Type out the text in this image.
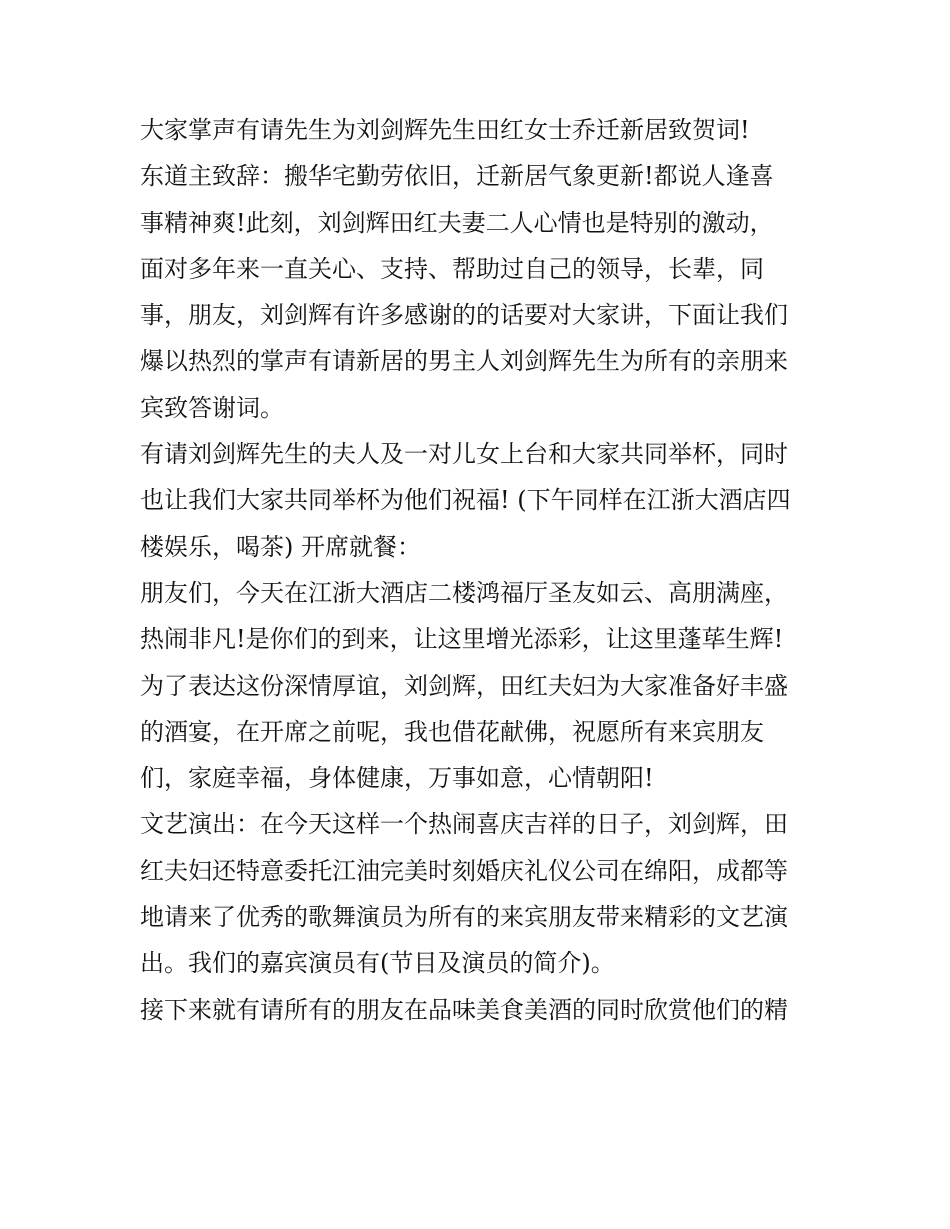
大家掌声有请先生为刘剑辉先生田红女士乔迁新居致贺词!
东道主致辞：搬华宅勤劳依旧，迁新居气象更新!都说人逢喜
事精神爽!此刻，刘剑辉田红夫妻二人心情也是特别的激动，
面对多年来一直关心、支持、帮助过自己的领导，长辈，同
事，朋友，刘剑辉有许多感谢的的话要对大家讲，下面让我们
爆以热烈的掌声有请新居的男主人刘剑辉先生为所有的亲朋来
宾致答谢词。
有请刘剑辉先生的夫人及一对儿女上台和大家共同举杯，同时
也让我们大家共同举杯为他们祝福! (下午同样在江浙大酒店四
楼娱乐，喝茶) 开席就餐：
朋友们，今天在江浙大酒店二楼鸿福厅圣友如云、高朋满座，
热闹非凡!是你们的到来，让这里增光添彩，让这里蓬荜生辉!
为了表达这份深情厚谊，刘剑辉，田红夫妇为大家准备好丰盛
的酒宴，在开席之前呢，我也借花献佛，祝愿所有来宾朋友
们，家庭幸福，身体健康，万事如意，心情朝阳!
文艺演出：在今天这样一个热闹喜庆吉祥的日子，刘剑辉，田
红夫妇还特意委托江油完美时刻婚庆礼仪公司在绵阳，成都等
地请来了优秀的歌舞演员为所有的来宾朋友带来精彩的文艺演
出。我们的嘉宾演员有(节目及演员的简介)。
接下来就有请所有的朋友在品味美食美酒的同时欣赏他们的精
